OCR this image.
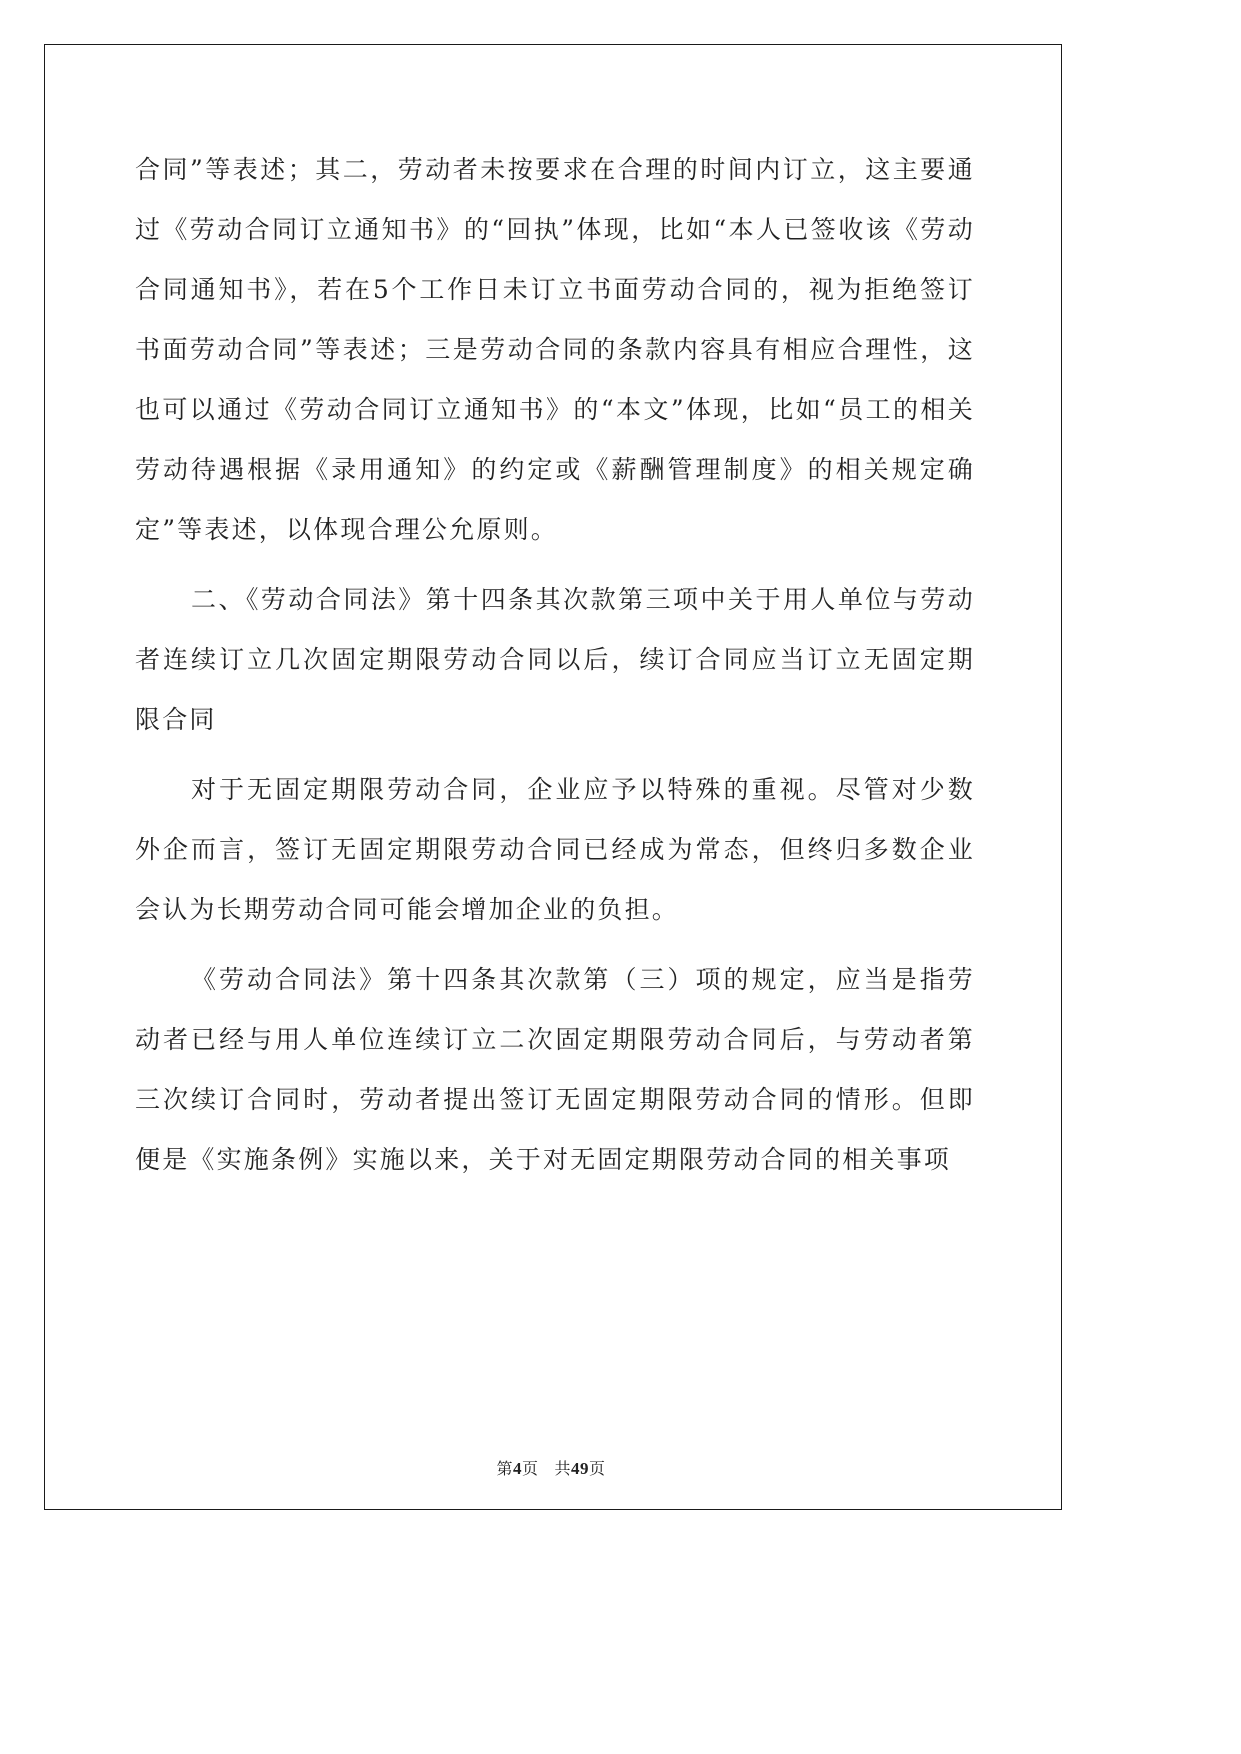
合同”等表述；其二，劳动者未按要求在合理的时间内订立，这主要通过《劳动合同订立通知书》的“回执”体现，比如“本人已签收该《劳动合同通知书》，若在5个工作日未订立书面劳动合同的，视为拒绝签订书面劳动合同”等表述；三是劳动合同的条款内容具有相应合理性，这也可以通过《劳动合同订立通知书》的“本文”体现，比如“员工的相关劳动待遇根据《录用通知》的约定或《薪酬管理制度》的相关规定确定”等表述，以体现合理公允原则。

二、《劳动合同法》第十四条其次款第三项中关于用人单位与劳动者连续订立几次固定期限劳动合同以后，续订合同应当订立无固定期限合同

对于无固定期限劳动合同，企业应予以特殊的重视。尽管对少数外企而言，签订无固定期限劳动合同已经成为常态，但终归多数企业会认为长期劳动合同可能会增加企业的负担。

《劳动合同法》第十四条其次款第（三）项的规定，应当是指劳动者已经与用人单位连续订立二次固定期限劳动合同后，与劳动者第三次续订合同时，劳动者提出签订无固定期限劳动合同的情形。但即便是《实施条例》实施以来，关于对无固定期限劳动合同的相关事项

第4页 共49页
